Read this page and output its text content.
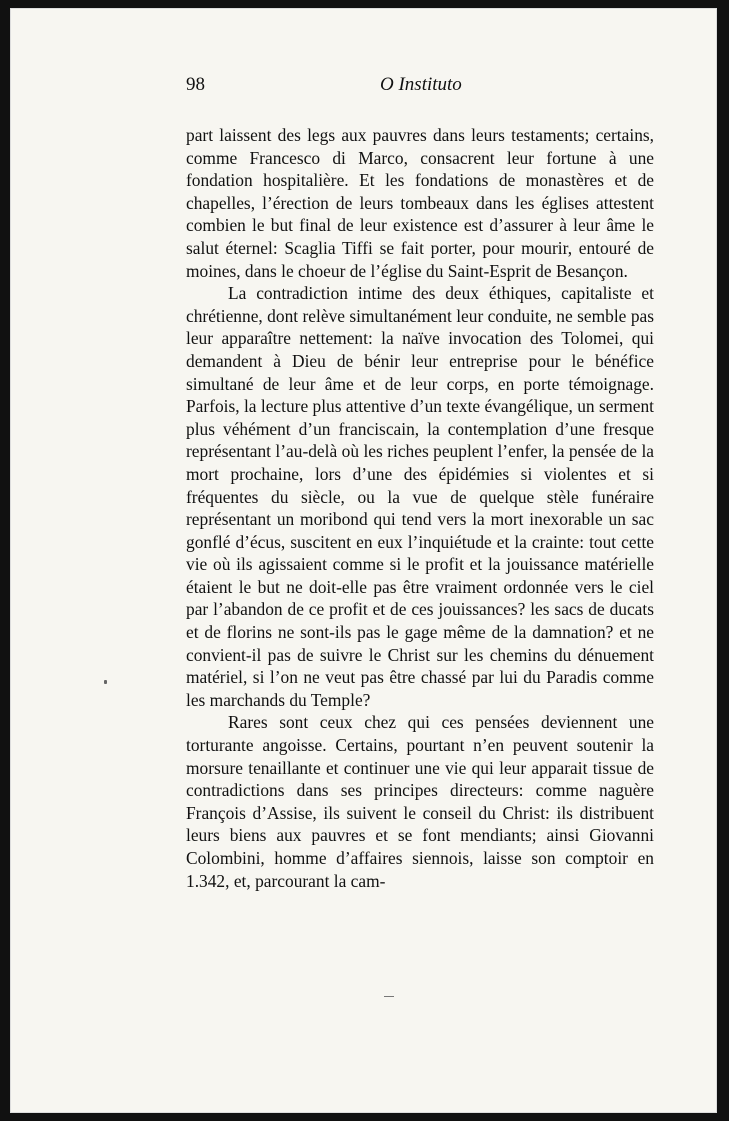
98	O Instituto

part laissent des legs aux pauvres dans leurs testaments; certains, comme Francesco di Marco, consacrent leur fortune à une fondation hospitalière. Et les fondations de monastères et de chapelles, l’érection de leurs tombeaux dans les églises attestent combien le but final de leur existence est d’assurer à leur âme le salut éternel: Scaglia Tiffi se fait porter, pour mourir, entouré de moines, dans le choeur de l’église du Saint-Esprit de Besançon.

La contradiction intime des deux éthiques, capitaliste et chrétienne, dont relève simultanément leur conduite, ne semble pas leur apparaître nettement: la naïve invocation des Tolomei, qui demandent à Dieu de bénir leur entreprise pour le bénéfice simultané de leur âme et de leur corps, en porte témoignage. Parfois, la lecture plus attentive d’un texte évangélique, un serment plus véhément d’un franciscain, la contemplation d’une fresque représentant l’au-delà où les riches peuplent l’enfer, la pensée de la mort prochaine, lors d’une des épidémies si violentes et si fréquentes du siècle, ou la vue de quelque stèle funéraire représentant un moribond qui tend vers la mort inexorable un sac gonflé d’écus, suscitent en eux l’inquiétude et la crainte: tout cette vie où ils agissaient comme si le profit et la jouissance matérielle étaient le but ne doit-elle pas être vraiment ordonnée vers le ciel par l’abandon de ce profit et de ces jouissances? les sacs de ducats et de florins ne sont-ils pas le gage même de la damnation? et ne convient-il pas de suivre le Christ sur les chemins du dénuement matériel, si l’on ne veut pas être chassé par lui du Paradis comme les marchands du Temple?

Rares sont ceux chez qui ces pensées deviennent une torturante angoisse. Certains, pourtant n’en peuvent soutenir la morsure tenaillante et continuer une vie qui leur apparait tissue de contradictions dans ses principes directeurs: comme naguère François d’Assise, ils suivent le conseil du Christ: ils distribuent leurs biens aux pauvres et se font mendiants; ainsi Giovanni Colombini, homme d’affaires siennois, laisse son comptoir en 1.342, et, parcourant la cam-
